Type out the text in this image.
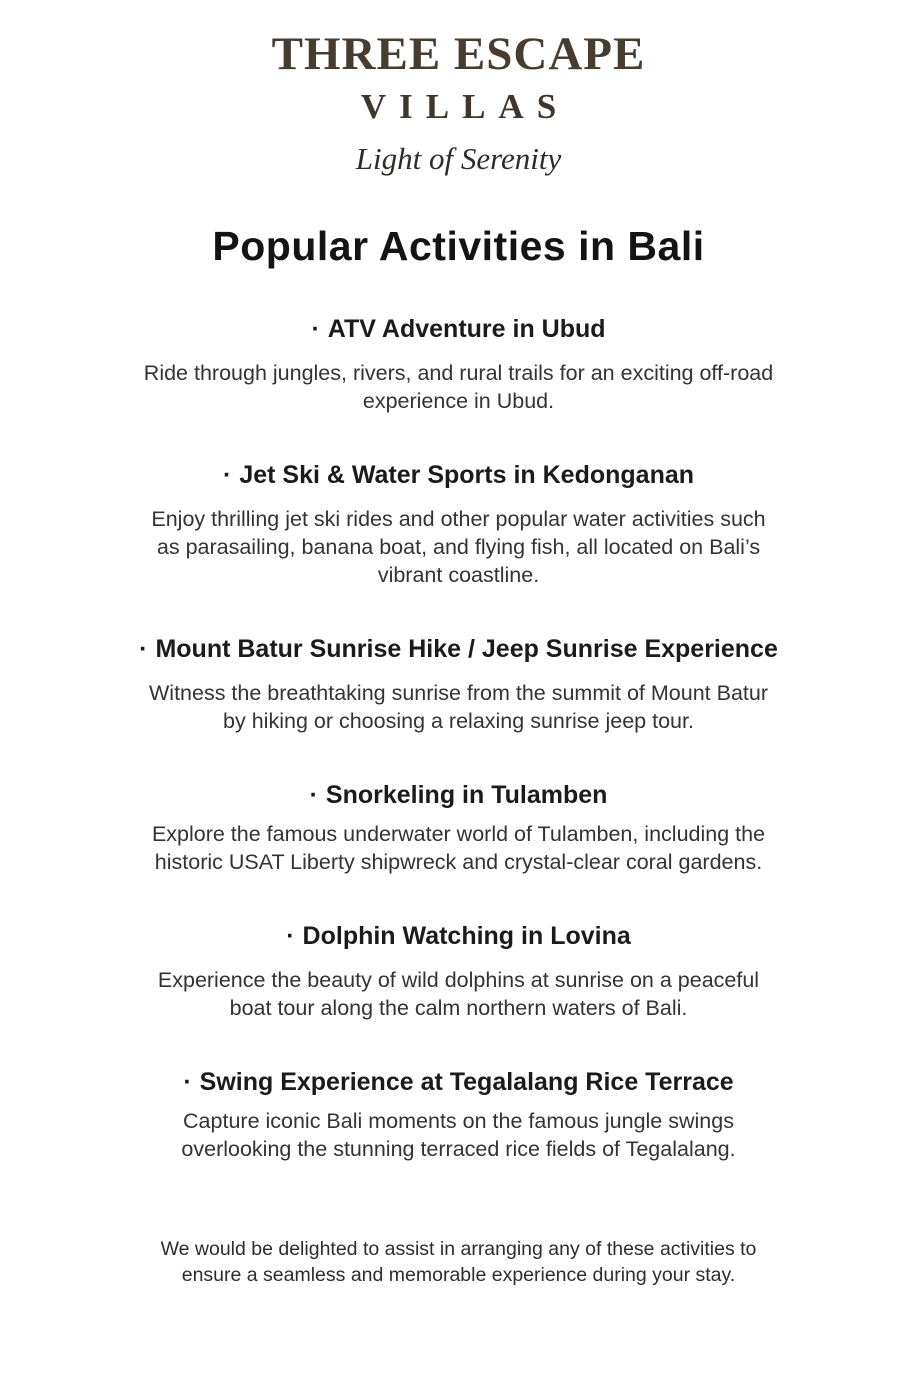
THREE ESCAPE
VILLAS
Light of Serenity
Popular Activities in Bali
· ATV Adventure in Ubud

Ride through jungles, rivers, and rural trails for an exciting off-road experience in Ubud.

· Jet Ski & Water Sports in Kedonganan

Enjoy thrilling jet ski rides and other popular water activities such as parasailing, banana boat, and flying fish, all located on Bali’s vibrant coastline.

· Mount Batur Sunrise Hike / Jeep Sunrise Experience

Witness the breathtaking sunrise from the summit of Mount Batur by hiking or choosing a relaxing sunrise jeep tour.

· Snorkeling in Tulamben

Explore the famous underwater world of Tulamben, including the historic USAT Liberty shipwreck and crystal-clear coral gardens.

· Dolphin Watching in Lovina

Experience the beauty of wild dolphins at sunrise on a peaceful boat tour along the calm northern waters of Bali.

· Swing Experience at Tegalalang Rice Terrace

Capture iconic Bali moments on the famous jungle swings overlooking the stunning terraced rice fields of Tegalalang.

We would be delighted to assist in arranging any of these activities to ensure a seamless and memorable experience during your stay.
